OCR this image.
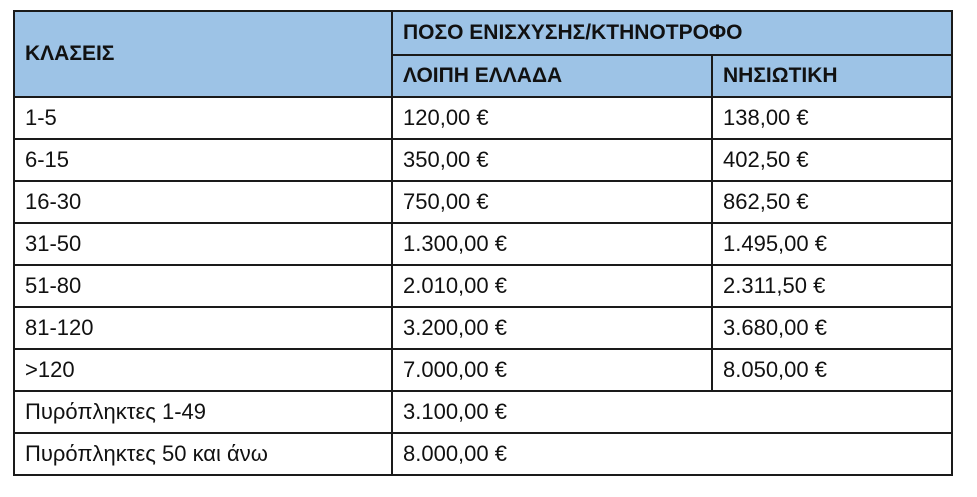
ΚΛΑΣΕΙΣ	ΠΟΣΟ ΕΝΙΣΧΥΣΗΣ/ΚΤΗΝΟΤΡΟΦΟ	
	ΛΟΙΠΗ ΕΛΛΑΔΑ	ΝΗΣΙΩΤΙΚΗ
1-5	120,00 €	138,00 €
6-15	350,00 €	402,50 €
16-30	750,00 €	862,50 €
31-50	1.300,00 €	1.495,00 €
51-80	2.010,00 €	2.311,50 €
81-120	3.200,00 €	3.680,00 €
>120	7.000,00 €	8.050,00 €
Πυρόπληκτες 1-49	3.100,00 €	
Πυρόπληκτες 50 και άνω	8.000,00 €	
